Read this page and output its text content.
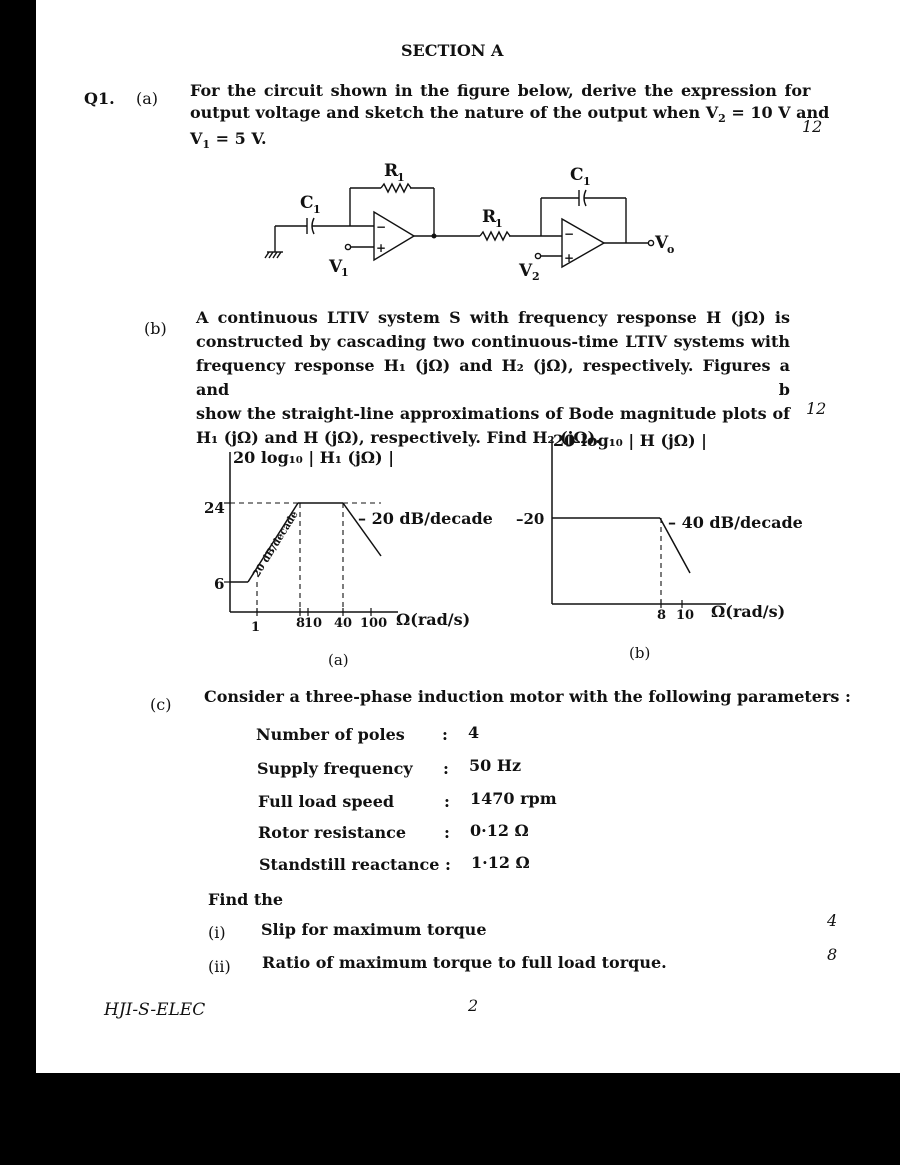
SECTION A
Q1. (a) For the circuit shown in the figure below, derive the expression for
output voltage and sketch the nature of the output when $V_2 = 10$ V and
$V_1 = 5$ V.
12
−
+
−
+
R
1
C 1	R
1
C 1
V
1	V 2
V
o
(b)
A continuous LTIV system S with frequency response H (jΩ) is
constructed by cascading two continuous-time LTIV systems with
frequency response H₁ (jΩ) and H₂ (jΩ), respectively. Figures a and b
show the straight-line approximations of Bode magnitude plots of
H₁ (jΩ) and H (jΩ), respectively. Find H₂ (jΩ).
12
20 log₁₀ | H₁ (jΩ) |
24
6
20 dB/decade	– 20 dB/decade
1	8
10 40 100 Ω(rad/s)
(a)
20 log₁₀ | H (jΩ) |
–20	– 40 dB/decade
8 10 Ω(rad/s)
(b)
(c) Consider a three-phase induction motor with the following parameters :
Number of poles : 4
Supply frequency : 50 Hz
Full load speed	: 1470 rpm
Rotor resistance : 0·12 Ω
Standstill reactance : 1·12 Ω
Find the
(i) Slip for maximum torque	4
(ii) Ratio of maximum torque to full load torque.	8
HJI-S-ELEC	2
